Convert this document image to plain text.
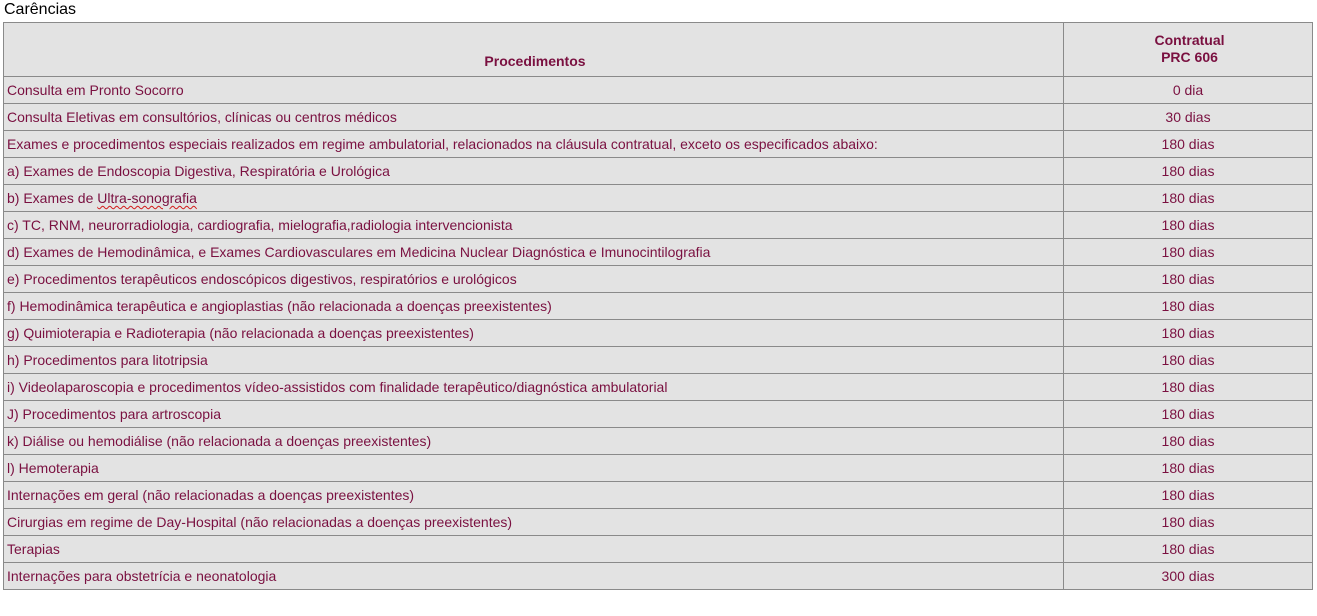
Carências
Procedimentos	Contratual
PRC 606
Consulta em Pronto Socorro	0 dia
Consulta Eletivas em consultórios, clínicas ou centros médicos	30 dias
Exames e procedimentos especiais realizados em regime ambulatorial, relacionados na cláusula contratual, exceto os especificados abaixo:	180 dias
a) Exames de Endoscopia Digestiva, Respiratória e Urológica	180 dias
b) Exames de Ultra-sonografia	180 dias
c) TC, RNM, neurorradiologia, cardiografia, mielografia,radiologia intervencionista	180 dias
d) Exames de Hemodinâmica, e Exames Cardiovasculares em Medicina Nuclear Diagnóstica e Imunocintilografia	180 dias
e) Procedimentos terapêuticos endoscópicos digestivos, respiratórios e urológicos	180 dias
f) Hemodinâmica terapêutica e angioplastias (não relacionada a doenças preexistentes)	180 dias
g) Quimioterapia e Radioterapia (não relacionada a doenças preexistentes)	180 dias
h) Procedimentos para litotripsia	180 dias
i) Videolaparoscopia e procedimentos vídeo-assistidos com finalidade terapêutico/diagnóstica ambulatorial	180 dias
J) Procedimentos para artroscopia	180 dias
k) Diálise ou hemodiálise (não relacionada a doenças preexistentes)	180 dias
l) Hemoterapia	180 dias
Internações em geral (não relacionadas a doenças preexistentes)	180 dias
Cirurgias em regime de Day-Hospital (não relacionadas a doenças preexistentes)	180 dias
Terapias	180 dias
Internações para obstetrícia e neonatologia	300 dias
